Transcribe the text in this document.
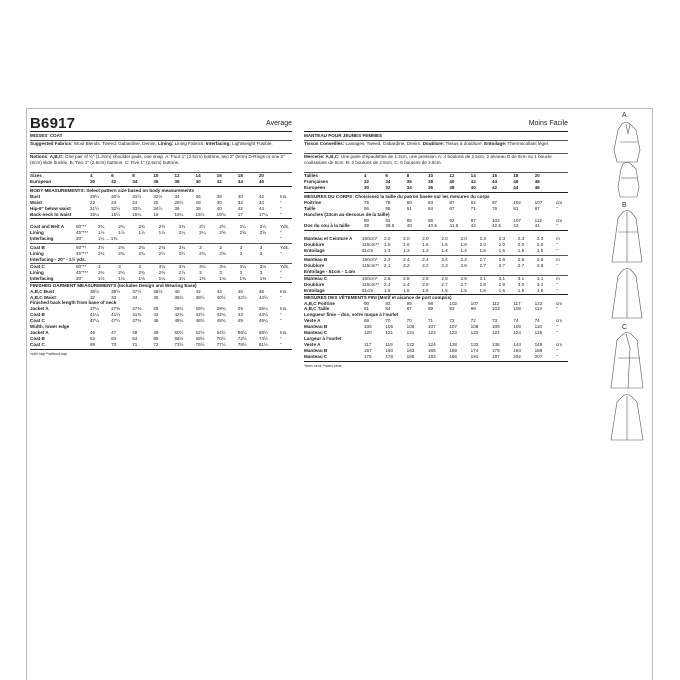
B6917	Average	Moins Facile
MISSES' COAT
Suggested Fabrics: Wool Blends, Tweed, Gabardine, Denim. Lining: Lining Fabrics. Interfacing: Lightweight Fusible.
Notions: A,B,C: One pair of ½" (1.3cm) shoulder pads, one snap. A: Four 1" (2.5cm) buttons, two 2" (5cm) D-Rings or one 2" (5cm) slide buckle. B: Two 1" (2.5cm) buttons. C: Five 1" (2.5cm) buttons.
Sizes	4	6	8	10	12	14	16	18	20	
European	30	32	34	36	38	40	42	44	46	
BODY MEASUREMENTS: Select pattern size based on body measurements
Bust	29½	30½	31½	32½	34	36	38	40	42	Ins.
Waist	22	23	24	25	26½	28	30	32	34	"
Hip-9" below waist	31½	32½	33½	34½	36	38	40	42	44	"
Back-neck to waist	15¼	15½	15¾	16	16¼	16½	16¾	17	17¼	"
Coat and Belt A	60"**	2¾	2¾	2¾	2¾	2¾	2½	2½	2½	2½	Yds.
Lining	45"***	1⅞	1⅞	1⅞	1⅞	2¼	2¼	2⅝	2⅝	2⅝	"
Interfacing	20"	1¼ ... 1⅜									"
Coat B	60"**	2½	2¾	2¾	2¾	2¾	3	3	3	3	Yds.
Lining	45"***	2¾	2¾	2¾	2½	2½	2¾	2⅝	3	3	"
Interfacing - 20" - 1½ yds.
Coat C	60"**	3	3	3	3⅛	3⅛	3⅛	3⅛	3⅛	3⅛	Yds.
Lining	45"***	2¾	2¾	2¾	2¾	2⅞	3	3	3	3	"
Interfacing	20"	1⅛	1⅛	1⅛	1¼	1¼	1⅜	1⅜	1⅜	1⅜	"
FINISHED GARMENT MEASUREMENTS (Includes Design and Wearing Ease)
A,B,C Bust	35½	36½	37½	38½	40	42	44	46	48	Ins.
A,B,C Waist	32	33	34	35	36½	38½	40½	42½	44½	"
Finished back length from base of neck
Jacket A	27¼	27⅜	27⅜	28	28¼	28½	28¾	29	29¼	Ins.
Coat B	41¼	41½	41¾	42	42¼	42½	42¾	43	43¼	"
Coat C	47¼	47½	47¾	48	48¼	48½	48¾	49	49¼	"
Width, lower edge
Jacket A	46	47	48	49	50½	52½	54½	56½	58½	Ins.
Coat B	62	63	64	65	66½	68½	70½	72½	74½	"
Coat C	69	70	71	72	73½	75½	77½	79½	81½	"
*with nap **without nap
MANTEAU POUR JEUNES FEMMES
Tissus Conseillés: Lainages, Tweed, Gabardine, Denim. Doublure: Tissus à doublure. Entoilage: Thermocollant léger.
Mercerie: A,B,C: Une paire d'épaulettes de 1.3cm, une pression. A: 4 boutons de 2.5cm, 2 anneau D de 5cm ou 1 boucle coulissante de 5cm. B: 2 boutons de 2.5cm. C: 5 boutons de 2.5cm.
Tailles	4	6	8	10	12	14	16	18	20	
Françaises	32	34	36	38	40	42	44	46	48	
Européen	30	32	34	36	38	40	42	44	46	
MESURES DU CORPS: Choisissez la taille du patron basée sur les mesures du corps
Poitrine	75	78	80	83	87	92	97	102	107	cm
Taille	56	58	61	64	67	71	76	81	87	"
Hanches (23cm au-dessous de la taille)
	80	83	85	88	92	97	102	107	112	cm
Dos du cou à la taille	39	39.5	40	40.5	41.5	42	42.5	43	44	"
Manteau et Ceinture A	150cm*	2.0	2.0	2.0	2.0	2.0	2.3	2.3	2.3	2.3	m
Doublure	115cm**	1.5	1.6	1.6	1.6	1.6	2.0	2.0	2.0	2.0	"
Entoilage	51cm	1.3	1.3	1.3	1.4	1.4	1.5	1.5	1.5	1.5	"
Manteau B	150cm*	2.3	2.4	2.4	2.4	2.4	2.7	2.8	2.8	2.8	m
Doublure	115cm**	2.1	2.2	2.2	2.3	2.6	2.7	2.7	2.7	2.8	"
Entoilage - 51cm - 1.4m
Manteau C	150cm*	2.8	2.8	2.8	2.9	2.9	3.1	3.1	3.1	3.1	m
Doublure	115cm**	2.4	2.4	2.6	2.7	2.7	2.8	2.9	3.0	3.1	"
Entoilage	51cm	1.5	1.5	1.5	1.5	1.5	1.5	1.5	1.5	1.6	"
MESURES DES VÊTEMENTS FINI (Motif et aisance de port compris)
A,B,C Poitrine	90	93	95	98	102	107	112	117	122	cm
A,B,C Taille	81	84	87	89	93	98	103	108	113	"
Longueur finie – dos, votre nuque à l'ourlet
Veste A	69	70	70	71	72	72	73	74	74	cm
Manteau B	105	105	106	107	107	108	109	109	110	"
Manteau C	120	121	121	122	123	123	124	124	125	"
Largeur à l'ourlet
Veste A	117	119	122	124	128	133	138	144	149	cm
Manteau B	157	160	163	165	169	174	179	184	189	"
Manteau C	175	178	180	183	186	191	197	202	207	"
*avec sens **sans sens
A
B
C
